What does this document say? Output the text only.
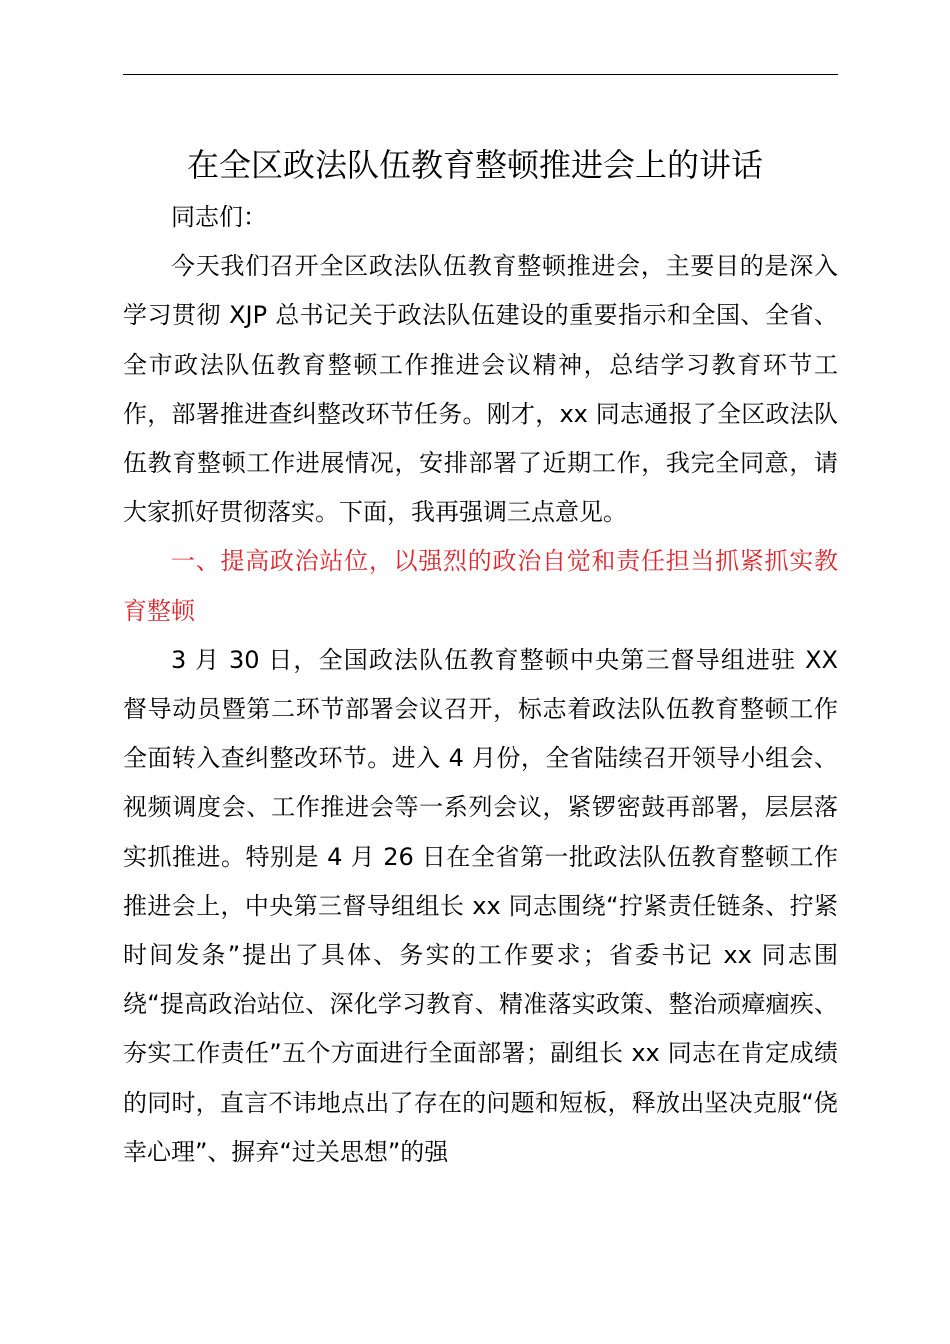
在全区政法队伍教育整顿推进会上的讲话

同志们：

今天我们召开全区政法队伍教育整顿推进会，主要目的是深入学习贯彻 XJP 总书记关于政法队伍建设的重要指示和全国、全省、全市政法队伍教育整顿工作推进会议精神，总结学习教育环节工作，部署推进查纠整改环节任务。刚才，xx 同志通报了全区政法队伍教育整顿工作进展情况，安排部署了近期工作，我完全同意，请大家抓好贯彻落实。下面，我再强调三点意见。

一、提高政治站位，以强烈的政治自觉和责任担当抓紧抓实教育整顿

3 月 30 日，全国政法队伍教育整顿中央第三督导组进驻 XX 督导动员暨第二环节部署会议召开，标志着政法队伍教育整顿工作全面转入查纠整改环节。进入 4 月份，全省陆续召开领导小组会、视频调度会、工作推进会等一系列会议，紧锣密鼓再部署，层层落实抓推进。特别是 4 月 26 日在全省第一批政法队伍教育整顿工作推进会上，中央第三督导组组长 xx 同志围绕“拧紧责任链条、拧紧时间发条”提出了具体、务实的工作要求；省委书记 xx 同志围绕“提高政治站位、深化学习教育、精准落实政策、整治顽瘴痼疾、夯实工作责任”五个方面进行全面部署；副组长 xx 同志在肯定成绩的同时，直言不讳地点出了存在的问题和短板，释放出坚决克服“侥幸心理”、摒弃“过关思想”的强
